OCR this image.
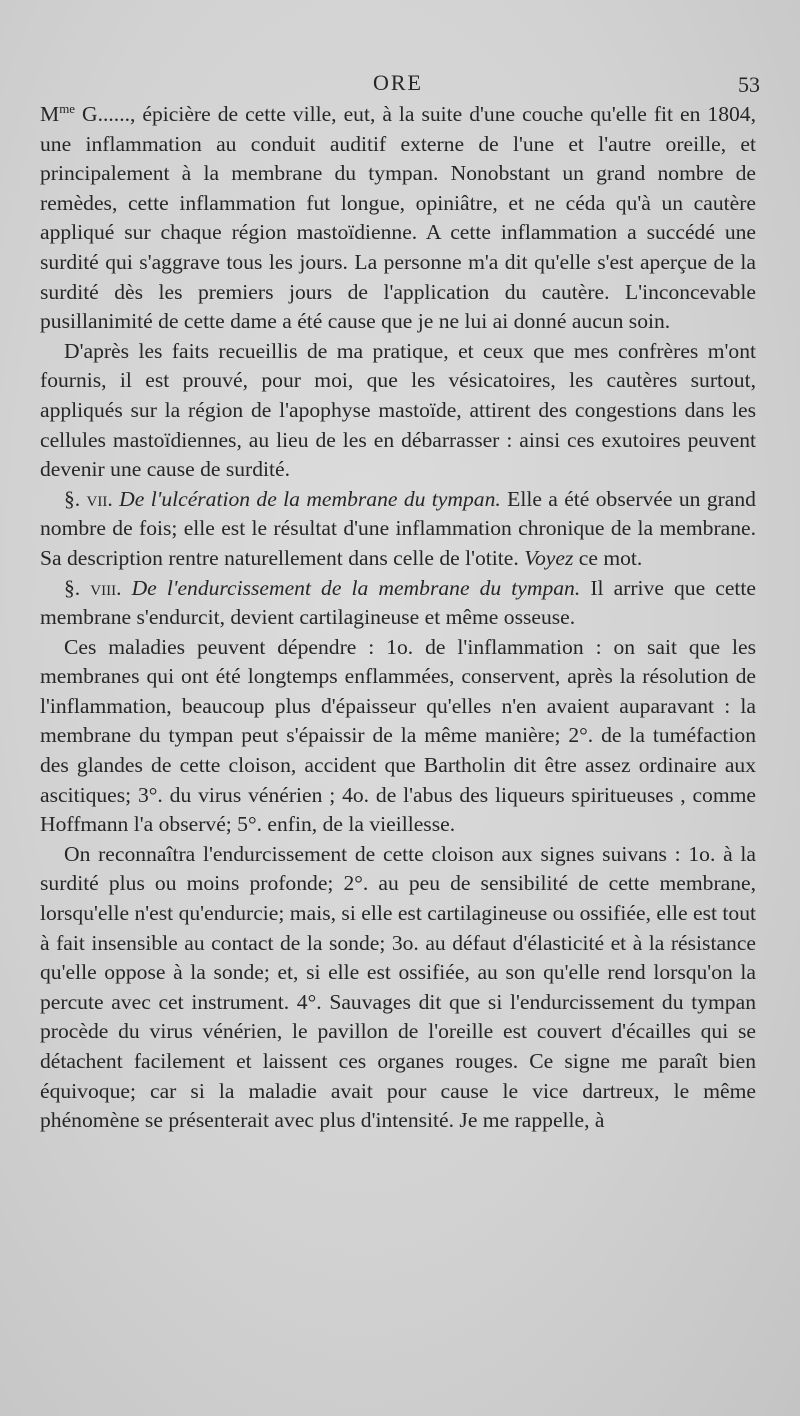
ORE	53

$M^{me}$ G......, épicière de cette ville, eut, à la suite d'une couche qu'elle fit en 1804, une inflammation au conduit auditif externe de l'une et l'autre oreille, et principalement à la membrane du tympan. Nonobstant un grand nombre de remèdes, cette inflammation fut longue, opiniâtre, et ne céda qu'à un cautère appliqué sur chaque région mastoïdienne. A cette inflammation a succédé une surdité qui s'aggrave tous les jours. La personne m'a dit qu'elle s'est aperçue de la surdité dès les premiers jours de l'application du cautère. L'inconcevable pusillanimité de cette dame a été cause que je ne lui ai donné aucun soin.

D'après les faits recueillis de ma pratique, et ceux que mes confrères m'ont fournis, il est prouvé, pour moi, que les vésicatoires, les cautères surtout, appliqués sur la région de l'apophyse mastoïde, attirent des congestions dans les cellules mastoïdiennes, au lieu de les en débarrasser : ainsi ces exutoires peuvent devenir une cause de surdité.

§. vii. De l'ulcération de la membrane du tympan. Elle a été observée un grand nombre de fois; elle est le résultat d'une inflammation chronique de la membrane. Sa description rentre naturellement dans celle de l'otite. Voyez ce mot.

§. viii. De l'endurcissement de la membrane du tympan. Il arrive que cette membrane s'endurcit, devient cartilagineuse et même osseuse.

Ces maladies peuvent dépendre : 1o. de l'inflammation : on sait que les membranes qui ont été longtemps enflammées, conservent, après la résolution de l'inflammation, beaucoup plus d'épaisseur qu'elles n'en avaient auparavant : la membrane du tympan peut s'épaissir de la même manière; 2°. de la tuméfaction des glandes de cette cloison, accident que Bartholin dit être assez ordinaire aux ascitiques; 3°. du virus vénérien ; 4o. de l'abus des liqueurs spiritueuses , comme Hoffmann l'a observé; 5°. enfin, de la vieillesse.

On reconnaîtra l'endurcissement de cette cloison aux signes suivans : 1o. à la surdité plus ou moins profonde; 2°. au peu de sensibilité de cette membrane, lorsqu'elle n'est qu'endurcie; mais, si elle est cartilagineuse ou ossifiée, elle est tout à fait insensible au contact de la sonde; 3o. au défaut d'élasticité et à la résistance qu'elle oppose à la sonde; et, si elle est ossifiée, au son qu'elle rend lorsqu'on la percute avec cet instrument. 4°. Sauvages dit que si l'endurcissement du tympan procède du virus vénérien, le pavillon de l'oreille est couvert d'écailles qui se détachent facilement et laissent ces organes rouges. Ce signe me paraît bien équivoque; car si la maladie avait pour cause le vice dartreux, le même phénomène se présenterait avec plus d'intensité. Je me rappelle, à
